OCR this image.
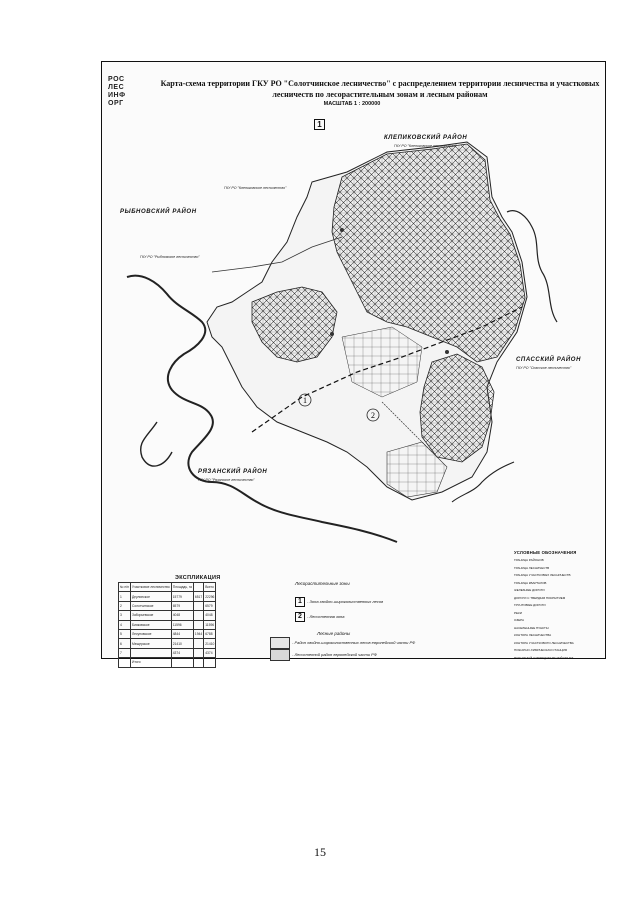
РОС
ЛЕС
ИНФ
ОРГ
Карта-схема территории ГКУ РО "Солотчинское лесничество" с распределением территории лесничества и участковых лесничеств по лесорастительным зонам и лесным районам
МАСШТАБ 1 : 200000
1
1
2
КЛЕПИКОВСКИЙ РАЙОН
ГКУ РО "Клепиковское лесничество"
ГКУ РО "Клепиковское лесничество"
РЫБНОВСКИЙ РАЙОН
ГКУ РО "Рыбновское лесничество"
СПАССКИЙ РАЙОН
ГКУ РО "Спасское лесничество"
РЯЗАНСКИЙ РАЙОН
ГКУ РО "Рязанское лесничество"
ЭКСПЛИКАЦИЯ
№ п/п	Участковое лесничество	Площадь, га		Всего
1	Деулинское	15779	6517	22296
2	Солотчинское	6579		6579
3	Заборьевское	4048		4048
4	Бияковское	11596		11596
5	Лесуновское	4844	1944	6788
6	Мещерское	21410		21410
7		4374		4374
	Итого			
Лесорастительные зоны
1	- Зона хвойно-широколиственных лесов
2	- Лесостепная зона
Лесные районы
- Район хвойно-широколиственных лесов европейской части РФ
- Лесостепной район европейской части РФ
УСЛОВНЫЕ ОБОЗНАЧЕНИЯ
ГРАНИЦА РАЙОНОВ
ГРАНИЦА ЛЕСНИЧЕСТВ
ГРАНИЦА УЧАСТКОВЫХ ЛЕСНИЧЕСТВ
ГРАНИЦА КВАРТАЛОВ
ЖЕЛЕЗНЫЕ ДОРОГИ
ДОРОГИ С ТВЕРДЫМ ПОКРЫТИЕМ
ГРУНТОВЫЕ ДОРОГИ
РЕКИ
ОЗЕРА
НАСЕЛЕННЫЕ ПУНКТЫ
КОНТОРА ЛЕСНИЧЕСТВА
КОНТОРА УЧАСТКОВОГО ЛЕСНИЧЕСТВА
ПОЖАРНО-ХИМИЧЕСКАЯ СТАНЦИЯ
ПОЖАРНЫЙ НАБЛЮДАТЕЛЬНЫЙ ПУНКТ
15
